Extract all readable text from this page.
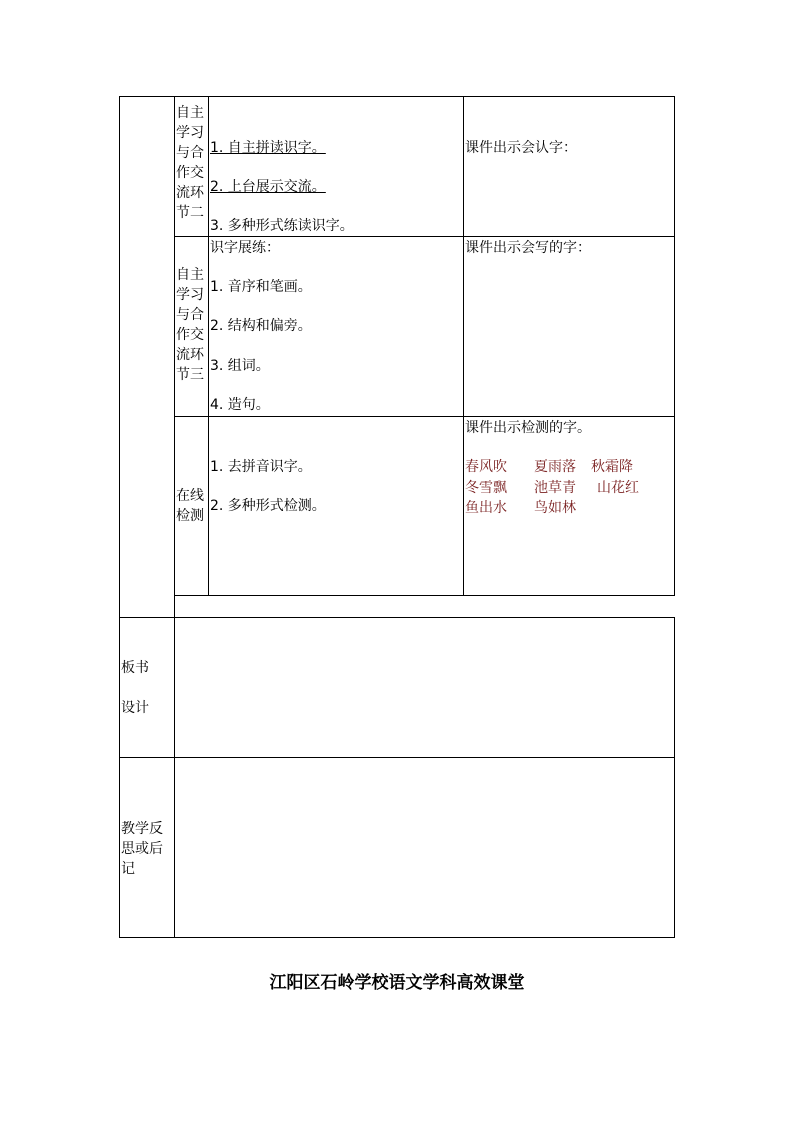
自主学习与合作交流环节二
1. 自主拼读识字。
2. 上台展示交流。
3. 多种形式练读识字。
课件出示会认字：
自主学习与合作交流环节三
识字展练：
1. 音序和笔画。
2. 结构和偏旁。
3. 组词。
4. 造句。
课件出示会写的字：
在线检测
1. 去拼音识字。
2. 多种形式检测。
课件出示检测的字。
春风吹 夏雨落 秋霜降
冬雪飘 池草青 山花红
鱼出水 鸟如林
板书
设计
教学反思或后记
江阳区石岭学校语文学科高效课堂
